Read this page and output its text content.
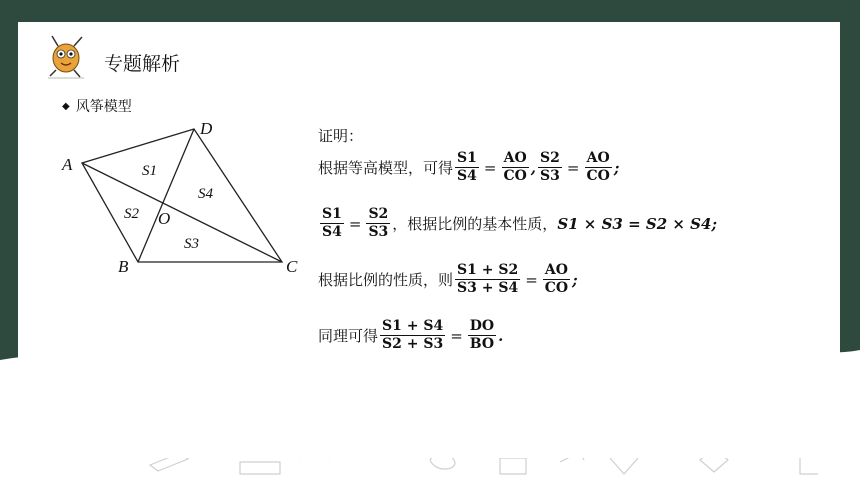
专题解析
◆ 风筝模型
A
D
B	C
O
S1
S4
S2
S3
证明：
根据等高模型，可得 $\frac{S1}{S4} = \frac{AO}{CO}$ , $\frac{S2}{S3} = \frac{AO}{CO}$ ;
$\frac{S1}{S4} = \frac{S2}{S3}$ ，根据比例的基本性质， S1 × S3 = S2 × S4 ;
根据比例的性质，则 $\frac{S1 + S2}{S3 + S4} = \frac{AO}{CO}$ ;
同理可得 $\frac{S1 + S4}{S2 + S3} = \frac{DO}{BO}$ .
